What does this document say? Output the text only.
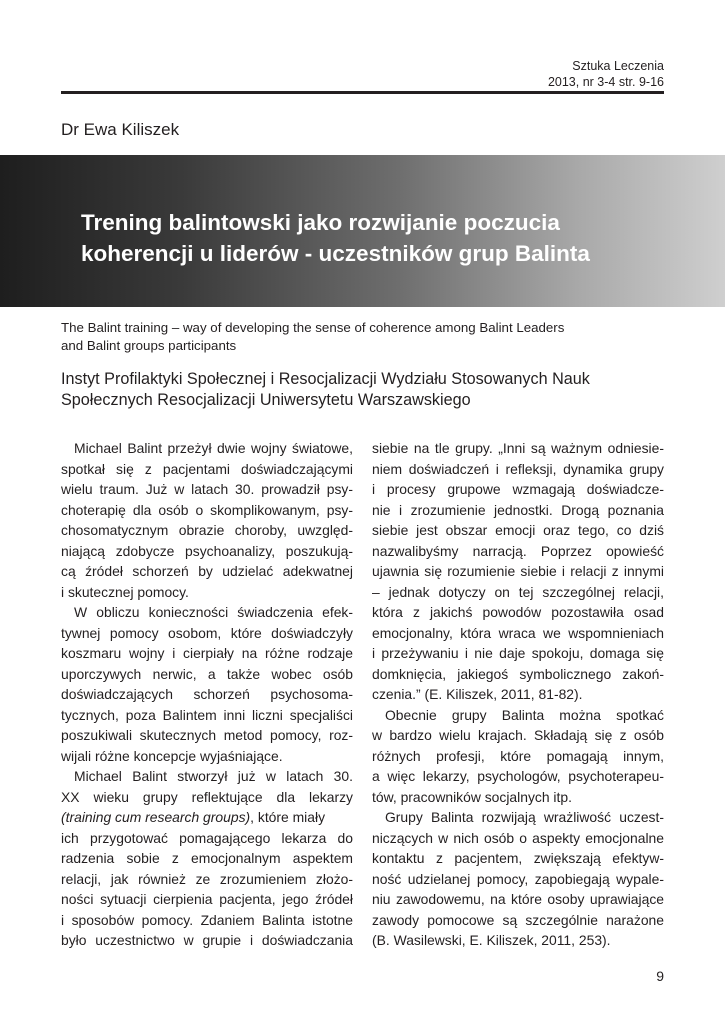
Sztuka Leczenia
2013, nr 3-4 str. 9-16
Dr Ewa Kiliszek
Trening balintowski jako rozwijanie poczucia
koherencji u liderów - uczestników grup Balinta
The Balint training – way of developing the sense of coherence among Balint Leaders
and Balint groups participants
Instyt Profilaktyki Społecznej i Resocjalizacji Wydziału Stosowanych Nauk
Społecznych Resocjalizacji Uniwersytetu Warszawskiego
Michael Balint przeżył dwie wojny światowe,
spotkał się z pacjentami doświadczającymi
wielu traum. Już w latach 30. prowadził psy-
choterapię dla osób o skomplikowanym, psy-
chosomatycznym obrazie choroby, uwzględ-
niającą zdobycze psychoanalizy, poszukują-
cą źródeł schorzeń by udzielać adekwatnej
i skutecznej pomocy.
W obliczu konieczności świadczenia efek-
tywnej pomocy osobom, które doświadczyły
koszmaru wojny i cierpiały na różne rodzaje
uporczywych nerwic, a także wobec osób
doświadczających schorzeń psychosoma-
tycznych, poza Balintem inni liczni specjaliści
poszukiwali skutecznych metod pomocy, roz-
wijali różne koncepcje wyjaśniające.
Michael Balint stworzył już w latach 30.
XX wieku grupy reflektujące dla lekarzy
(training cum research groups), które miały
ich przygotować pomagającego lekarza do
radzenia sobie z emocjonalnym aspektem
relacji, jak również ze zrozumieniem złożo-
ności sytuacji cierpienia pacjenta, jego źródeł
i sposobów pomocy. Zdaniem Balinta istotne
było uczestnictwo w grupie i doświadczania
siebie na tle grupy. „Inni są ważnym odniesie-
niem doświadczeń i refleksji, dynamika grupy
i procesy grupowe wzmagają doświadcze-
nie i zrozumienie jednostki. Drogą poznania
siebie jest obszar emocji oraz tego, co dziś
nazwalibyśmy narracją. Poprzez opowieść
ujawnia się rozumienie siebie i relacji z innymi
– jednak dotyczy on tej szczególnej relacji,
która z jakichś powodów pozostawiła osad
emocjonalny, która wraca we wspomnieniach
i przeżywaniu i nie daje spokoju, domaga się
domknięcia, jakiegoś symbolicznego zakoń-
czenia.” (E. Kiliszek, 2011, 81-82).
Obecnie grupy Balinta można spotkać
w bardzo wielu krajach. Składają się z osób
różnych profesji, które pomagają innym,
a więc lekarzy, psychologów, psychoterapeu-
tów, pracowników socjalnych itp.
Grupy Balinta rozwijają wrażliwość uczest-
niczących w nich osób o aspekty emocjonalne
kontaktu z pacjentem, zwiększają efektyw-
ność udzielanej pomocy, zapobiegają wypale-
niu zawodowemu, na które osoby uprawiające
zawody pomocowe są szczególnie narażone
(B. Wasilewski, E. Kiliszek, 2011, 253).
9
